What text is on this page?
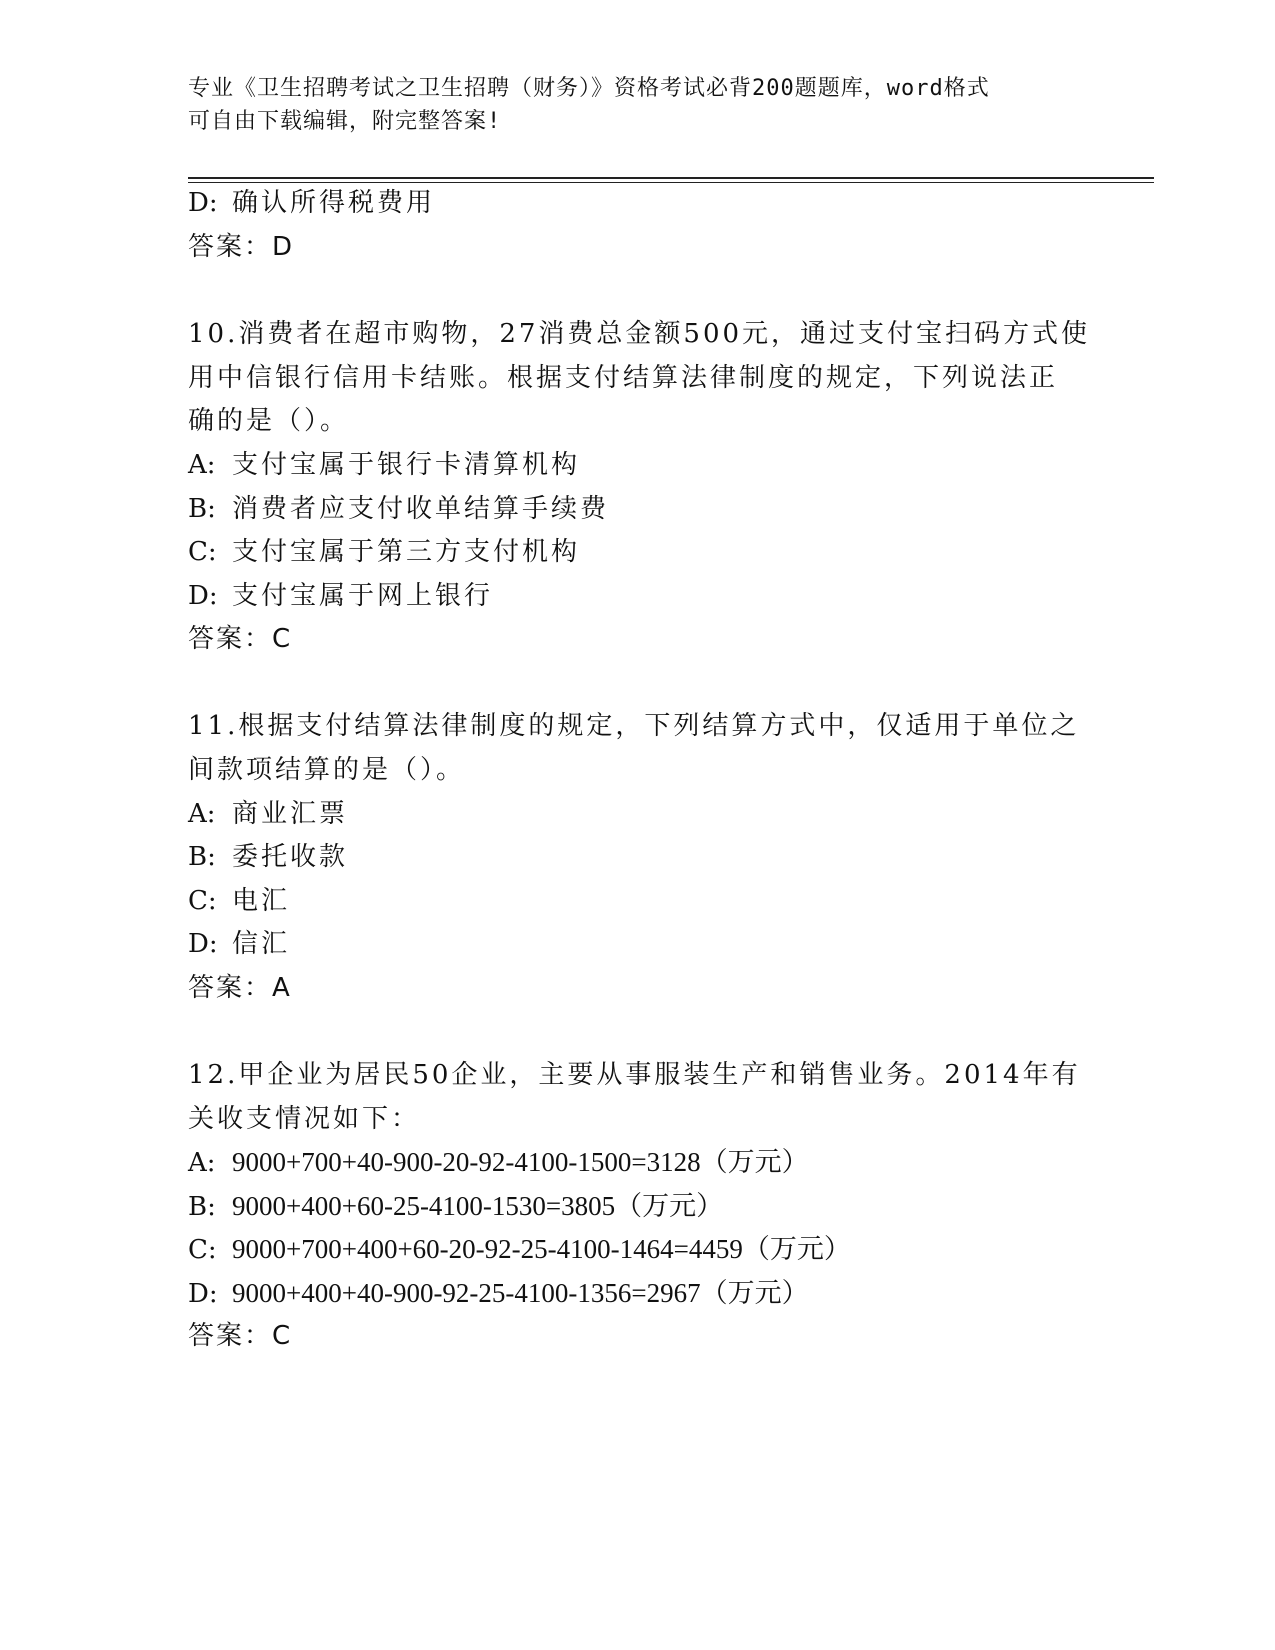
专业《卫生招聘考试之卫生招聘（财务）》资格考试必背200题题库，word格式
可自由下载编辑，附完整答案!
D: 确认所得税费用
答案：D
10.消费者在超市购物，27消费总金额500元，通过支付宝扫码方式使
用中信银行信用卡结账。根据支付结算法律制度的规定，下列说法正
确的是（）。
A: 支付宝属于银行卡清算机构
B: 消费者应支付收单结算手续费
C: 支付宝属于第三方支付机构
D: 支付宝属于网上银行
答案：C
11.根据支付结算法律制度的规定，下列结算方式中，仅适用于单位之
间款项结算的是（）。
A: 商业汇票
B: 委托收款
C: 电汇
D: 信汇
答案：A
12.甲企业为居民50企业，主要从事服装生产和销售业务。2014年有
关收支情况如下：
A: 9000+700+40-900-20-92-4100-1500=3128（万元）
B: 9000+400+60-25-4100-1530=3805（万元）
C: 9000+700+400+60-20-92-25-4100-1464=4459（万元）
D: 9000+400+40-900-92-25-4100-1356=2967（万元）
答案：C
